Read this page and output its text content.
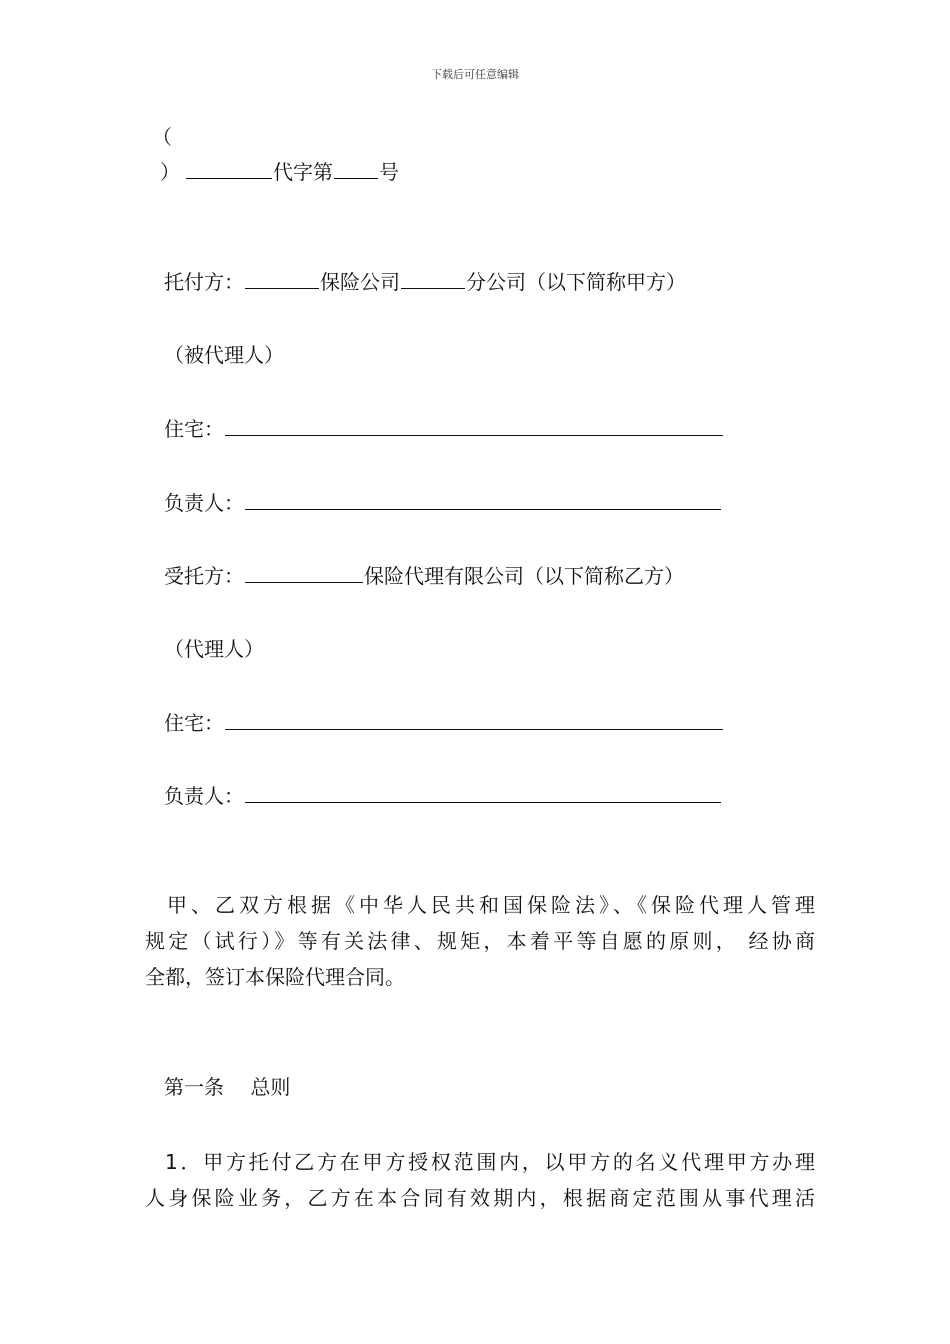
下载后可任意编辑
（
）	代字第 号
托付方：	保险公司	分公司（以下简称甲方）
（被代理人）
住宅：
负责人：
受托方：	保险代理有限公司（以下简称乙方）
（代理人）
住宅：
负责人：
甲、乙双方根据《中华人民共和国保险法》、《保险代理人管理
规定（试行）》等有关法律、规矩，本着平等自愿的原则， 经协商
全都，签订本保险代理合同。
第一条　 总则
1．甲方托付乙方在甲方授权范围内，以甲方的名义代理甲方办理
人身保险业务，乙方在本合同有效期内，根据商定范围从事代理活
